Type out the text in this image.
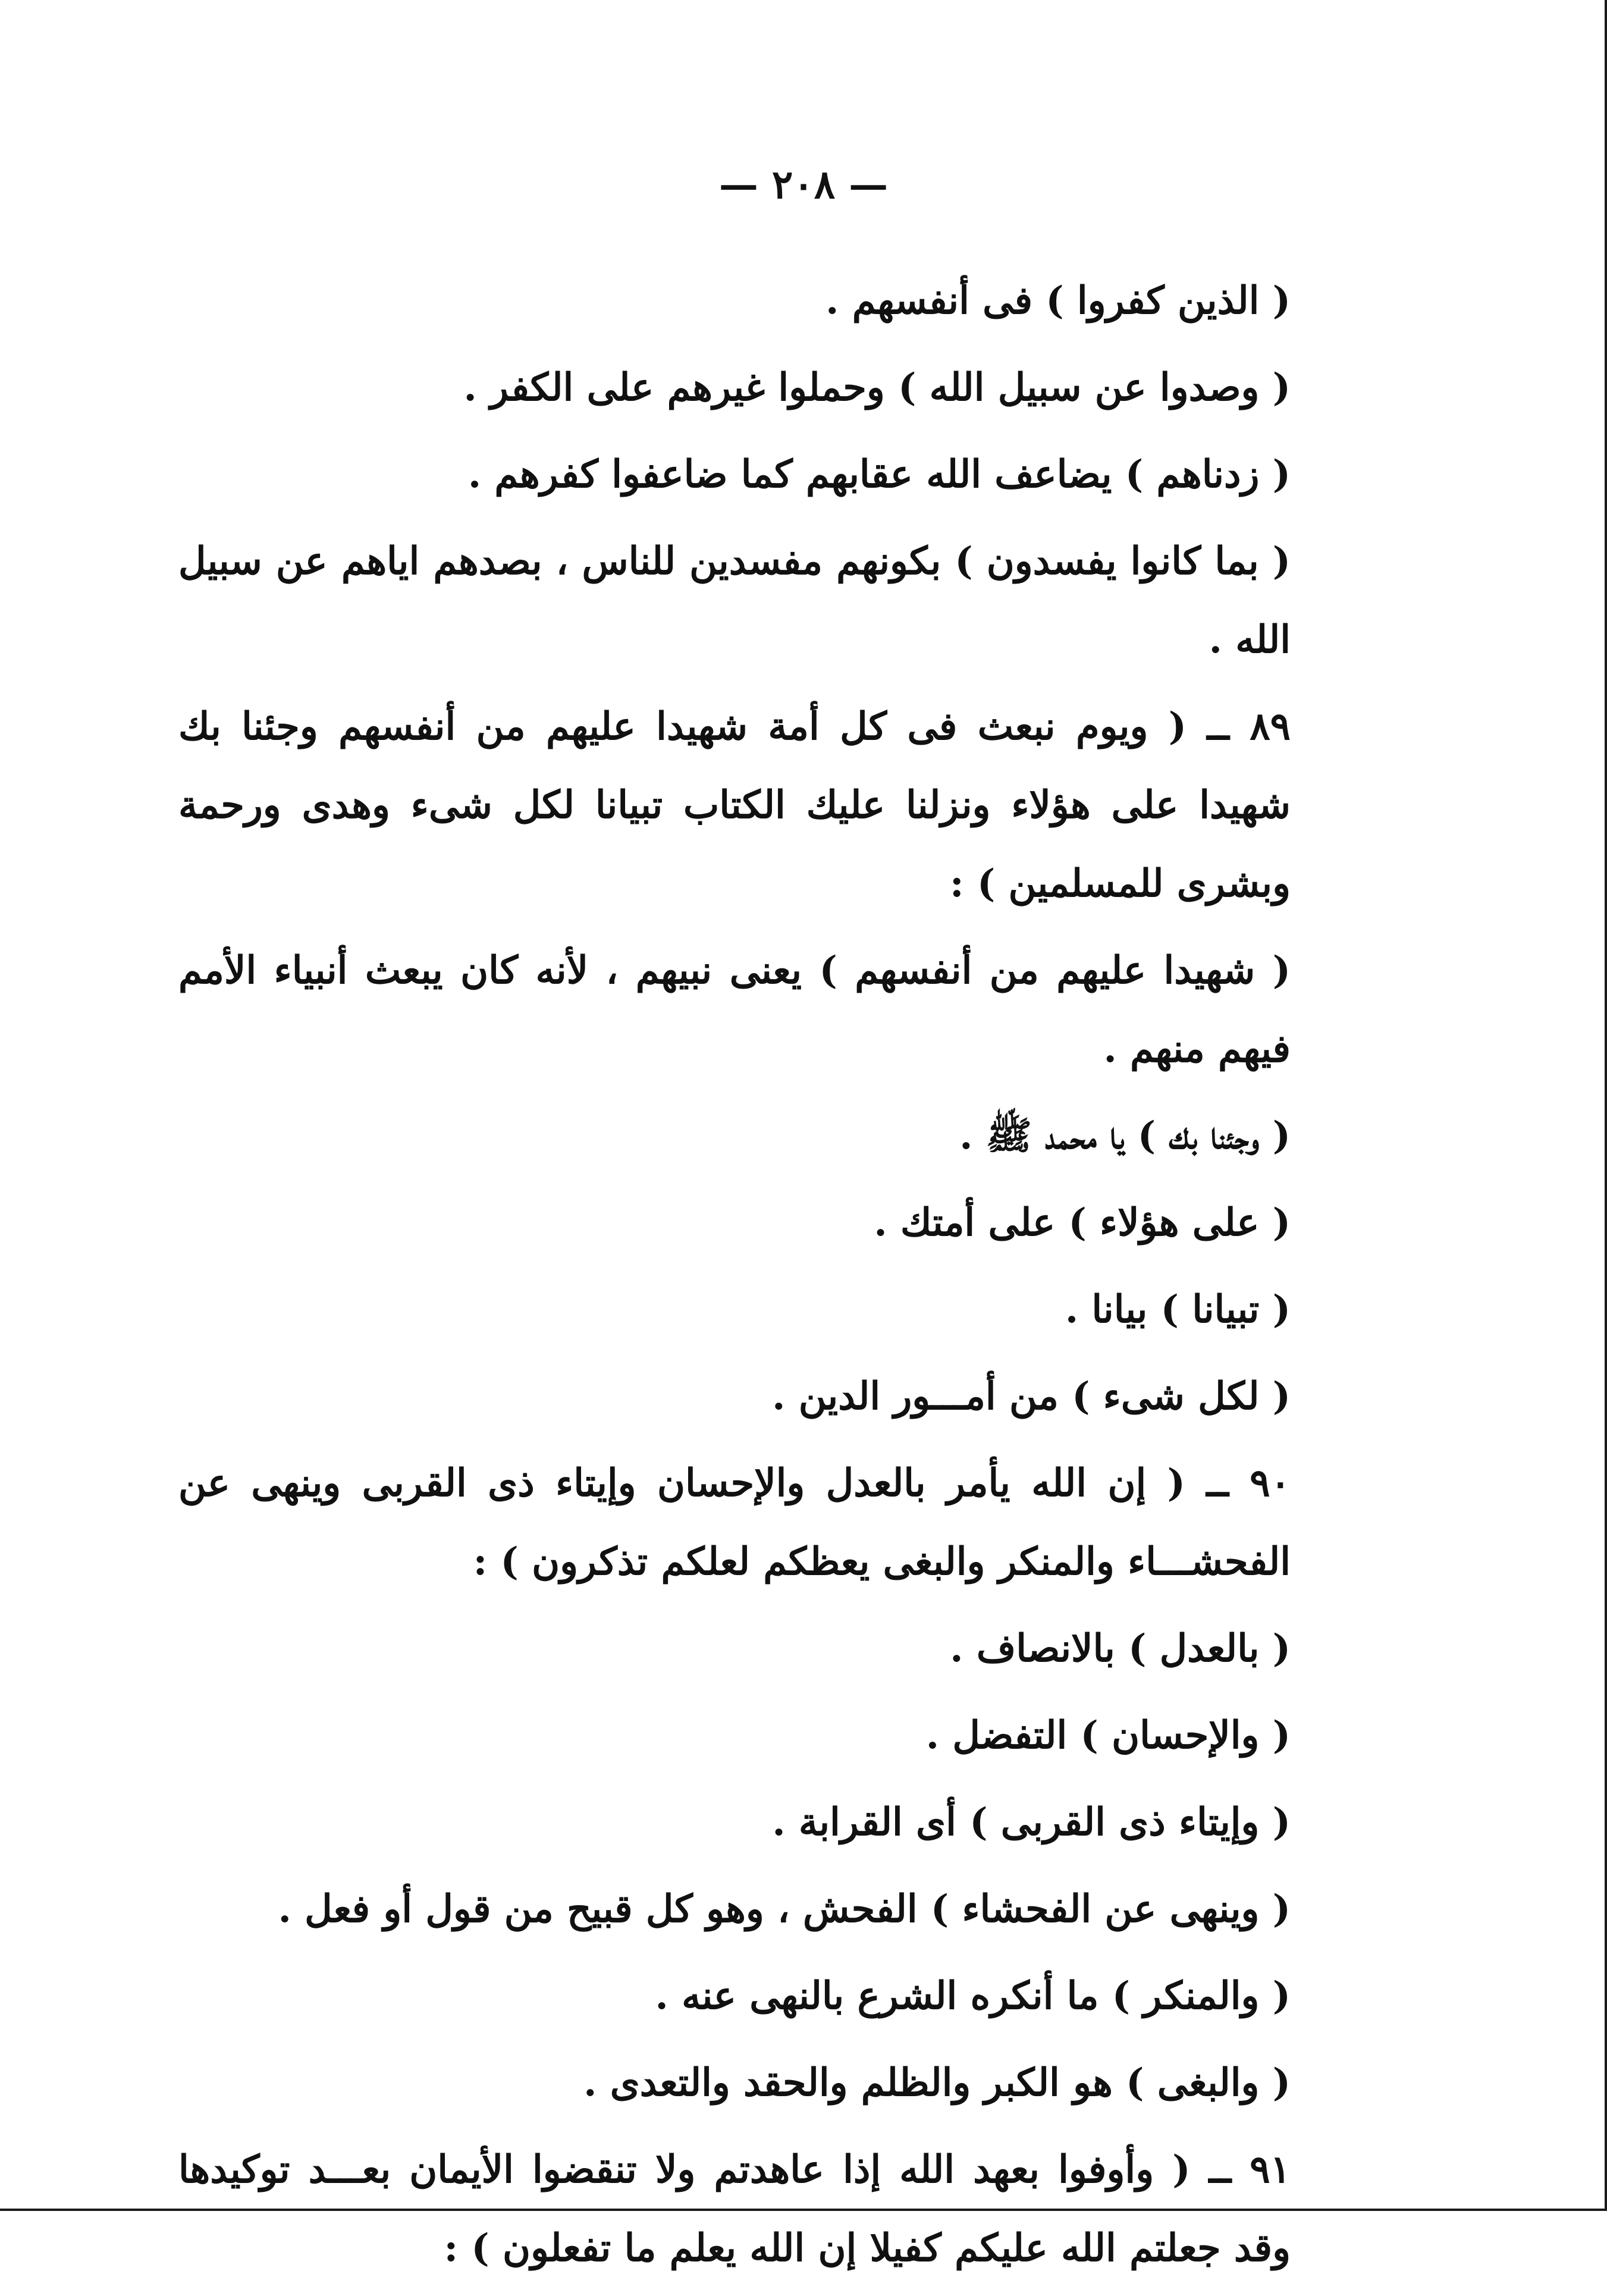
— ٢٠٨ —

( الذين كفروا ) فى أنفسهم .

( وصدوا عن سبيل الله ) وحملوا غيرهم على الكفر .

( زدناهم ) يضاعف الله عقابهم كما ضاعفوا كفرهم .

( بما كانوا يفسدون ) بكونهم مفسدين للناس ، بصدهم اياهم عن سبيل الله .

٨٩ ــ ( ويوم نبعث فى كل أمة شهيدا عليهم من أنفسهم وجئنا بك شهيدا على هؤلاء ونزلنا عليك الكتاب تبيانا لكل شىء وهدى ورحمة وبشرى للمسلمين ) :

( شهيدا عليهم من أنفسهم ) يعنى نبيهم ، لأنه كان يبعث أنبياء الأمم فيهم منهم .

( وجئنا بك ) يا محمد ﷺ .

( على هؤلاء ) على أمتك .

( تبيانا ) بيانا .

( لكل شىء ) من أمـــور الدين .

٩٠ ــ ( إن الله يأمر بالعدل والإحسان وإيتاء ذى القربى وينهى عن الفحشـــاء والمنكر والبغى يعظكم لعلكم تذكرون ) :

( بالعدل ) بالانصاف .

( والإحسان ) التفضل .

( وإيتاء ذى القربى ) أى القرابة .

( وينهى عن الفحشاء ) الفحش ، وهو كل قبيح من قول أو فعل .

( والمنكر ) ما أنكره الشرع بالنهى عنه .

( والبغى ) هو الكبر والظلم والحقد والتعدى .

٩١ ــ ( وأوفوا بعهد الله إذا عاهدتم ولا تنقضوا الأيمان بعـــد توكيدها وقد جعلتم الله عليكم كفيلا إن الله يعلم ما تفعلون ) :
